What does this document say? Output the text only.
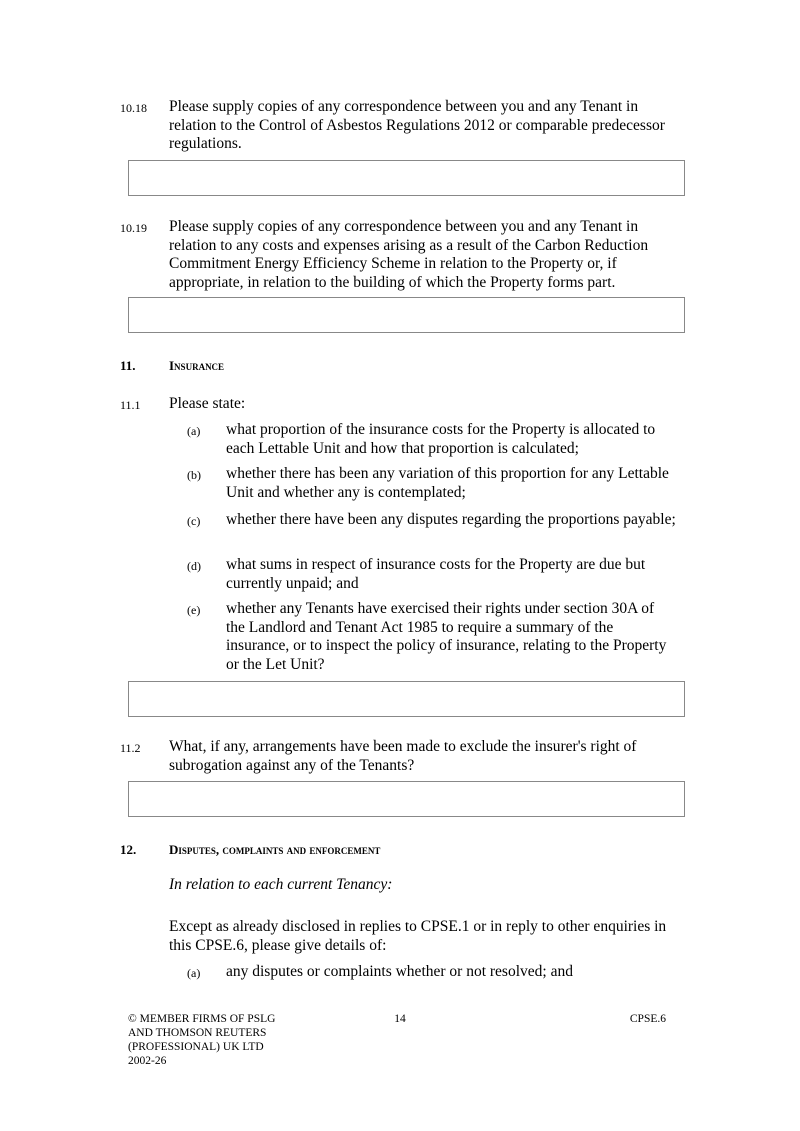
10.18 Please supply copies of any correspondence between you and any Tenant in relation to the Control of Asbestos Regulations 2012 or comparable predecessor regulations.
10.19 Please supply copies of any correspondence between you and any Tenant in relation to any costs and expenses arising as a result of the Carbon Reduction Commitment Energy Efficiency Scheme in relation to the Property or, if appropriate, in relation to the building of which the Property forms part.
11.	Insurance
11.1 Please state:
(a) what proportion of the insurance costs for the Property is allocated to each Lettable Unit and how that proportion is calculated;
(b) whether there has been any variation of this proportion for any Lettable Unit and whether any is contemplated;
(c) whether there have been any disputes regarding the proportions payable;
(d) what sums in respect of insurance costs for the Property are due but currently unpaid; and
(e) whether any Tenants have exercised their rights under section 30A of the Landlord and Tenant Act 1985 to require a summary of the insurance, or to inspect the policy of insurance, relating to the Property or the Let Unit?
11.2 What, if any, arrangements have been made to exclude the insurer's right of subrogation against any of the Tenants?
12.	Disputes, complaints and enforcement
In relation to each current Tenancy:
Except as already disclosed in replies to CPSE.1 or in reply to other enquiries in this CPSE.6, please give details of:
(a) any disputes or complaints whether or not resolved; and
© MEMBER FIRMS OF PSLG AND THOMSON REUTERS (PROFESSIONAL) UK LTD 2002-26
14	CPSE.6
